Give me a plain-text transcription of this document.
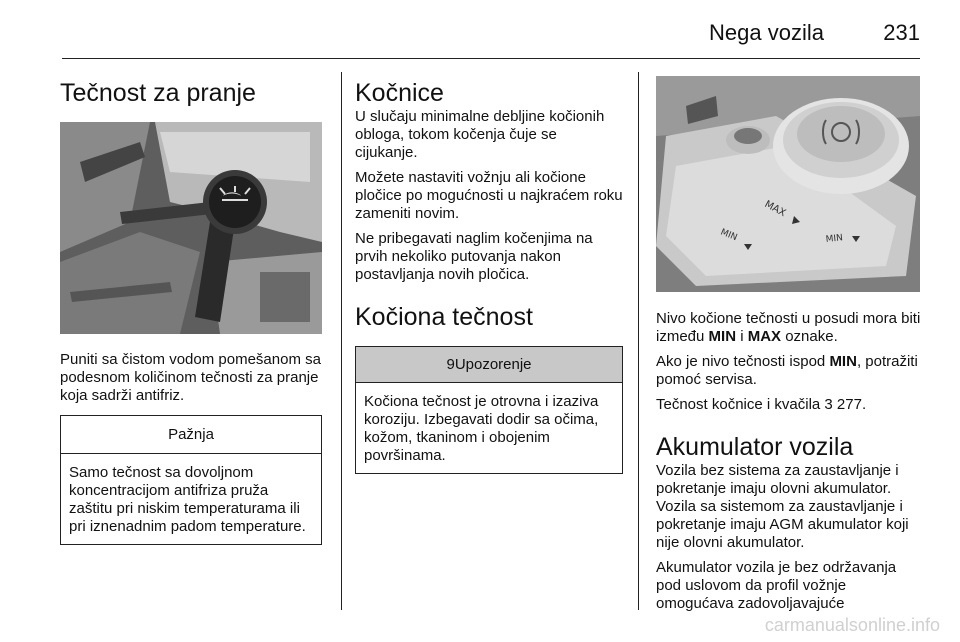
Nega vozila	231
Tečnost za pranje
⌒

Puniti sa čistom vodom pomešanom sa podesnom količinom tečnosti za pranje koja sadrži antifriz.

Pažnja
Samo tečnost sa dovoljnom koncentracijom antifriza pruža zaštitu pri niskim temperaturama ili pri iznenadnim padom temperature.
Kočnice

U slučaju minimalne debljine kočionih obloga, tokom kočenja čuje se cijukanje.

Možete nastaviti vožnju ali kočione pločice po mogućnosti u najkraćem roku zameniti novim.

Ne pribegavati naglim kočenjima na prvih nekoliko putovanja nakon postavljanja novih pločica.

Kočiona tečnost
9Upozorenje
Kočiona tečnost je otrovna i izaziva koroziju. Izbegavati dodir sa očima, kožom, tkaninom i obojenim površinama.
MAX
MIN	MIN

Nivo kočione tečnosti u posudi mora biti između MIN i MAX oznake.

Ako je nivo tečnosti ispod MIN, potražiti pomoć servisa.

Tečnost kočnice i kvačila 3 277.

Akumulator vozila

Vozila bez sistema za zaustavljanje i pokretanje imaju olovni akumulator. Vozila sa sistemom za zaustavljanje i pokretanje imaju AGM akumulator koji nije olovni akumulator.

Akumulator vozila je bez održavanja pod uslovom da profil vožnje omogućava zadovoljavajuće

carmanualsonline.info
